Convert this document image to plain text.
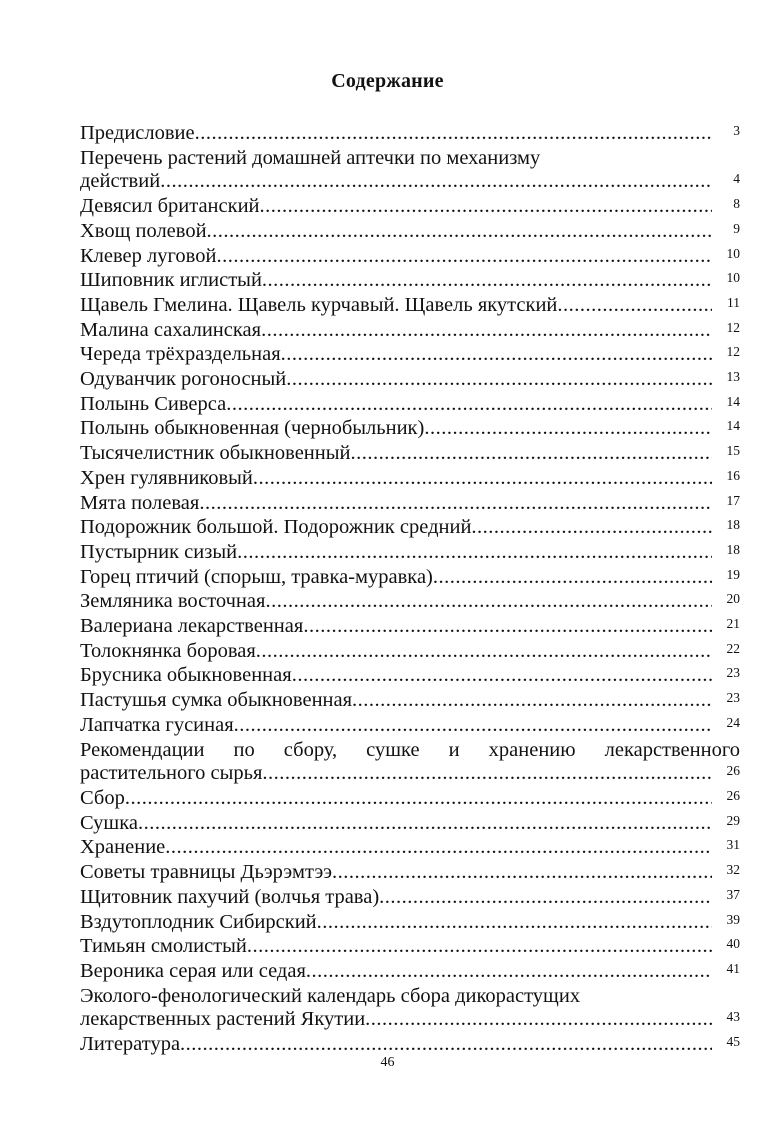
Содержание
Предисловие .....	3
Перечень растений домашней аптечки по механизму
действий .....	4
Девясил британский .....	8
Хвощ полевой .....	9
Клевер луговой .....	10
Шиповник иглистый .....	10
Щавель Гмелина. Щавель курчавый. Щавель якутский .....	11
Малина сахалинская .....	12
Череда трёхраздельная .....	12
Одуванчик рогоносный .....	13
Полынь Сиверса .....	14
Полынь обыкновенная (чернобыльник) .....	14
Тысячелистник обыкновенный .....	15
Хрен гулявниковый .....	16
Мята полевая .....	17
Подорожник большой. Подорожник средний .....	18
Пустырник сизый .....	18
Горец птичий (спорыш, травка-муравка) .....	19
Земляника восточная .....	20
Валериана лекарственная .....	21
Толокнянка боровая .....	22
Брусника обыкновенная .....	23
Пастушья сумка обыкновенная .....	23
Лапчатка гусиная .....	24
Рекомендации по сбору, сушке и хранению лекарственного
растительного сырья .....	26
Сбор .....	26
Сушка .....	29
Хранение .....	31
Советы травницы Дьэрэмтээ .....	32
Щитовник пахучий (волчья трава) .....	37
Вздутоплодник Сибирский .....	39
Тимьян смолистый .....	40
Вероника серая или седая .....	41
Эколого-фенологический календарь сбора дикорастущих
лекарственных растений Якутии .....	43
Литература .....	45
46
